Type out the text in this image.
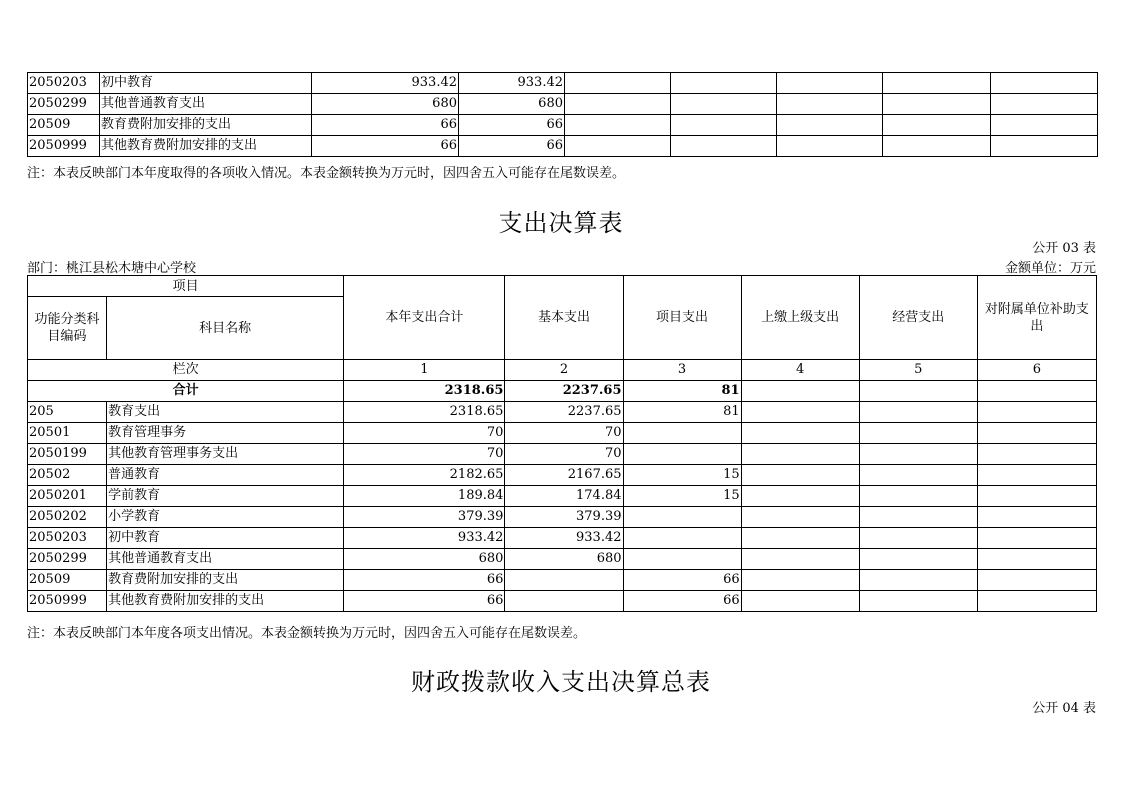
2050203	初中教育	933.42	933.42					
2050299	其他普通教育支出	680	680					
20509	教育费附加安排的支出	66	66					
2050999	其他教育费附加安排的支出	66	66					
注：本表反映部门本年度取得的各项收入情况。本表金额转换为万元时，因四舍五入可能存在尾数误差。
支出决算表
公开 03 表
部门：桃江县松木塘中心学校	金额单位：万元
项目		本年支出合计	基本支出	项目支出	上缴上级支出	经营支出	对附属单位补助支出
功能分类科目编码	科目名称						

栏次		1	2	3	4	5	6
合计		2318.65	2237.65	81			
205	教育支出	2318.65	2237.65	81			
20501	教育管理事务	70	70				
2050199	其他教育管理事务支出	70	70				
20502	普通教育	2182.65	2167.65	15			
2050201	学前教育	189.84	174.84	15			
2050202	小学教育	379.39	379.39				
2050203	初中教育	933.42	933.42				
2050299	其他普通教育支出	680	680				
20509	教育费附加安排的支出	66		66			
2050999	其他教育费附加安排的支出	66		66			
注：本表反映部门本年度各项支出情况。本表金额转换为万元时，因四舍五入可能存在尾数误差。
财政拨款收入支出决算总表
公开 04 表
